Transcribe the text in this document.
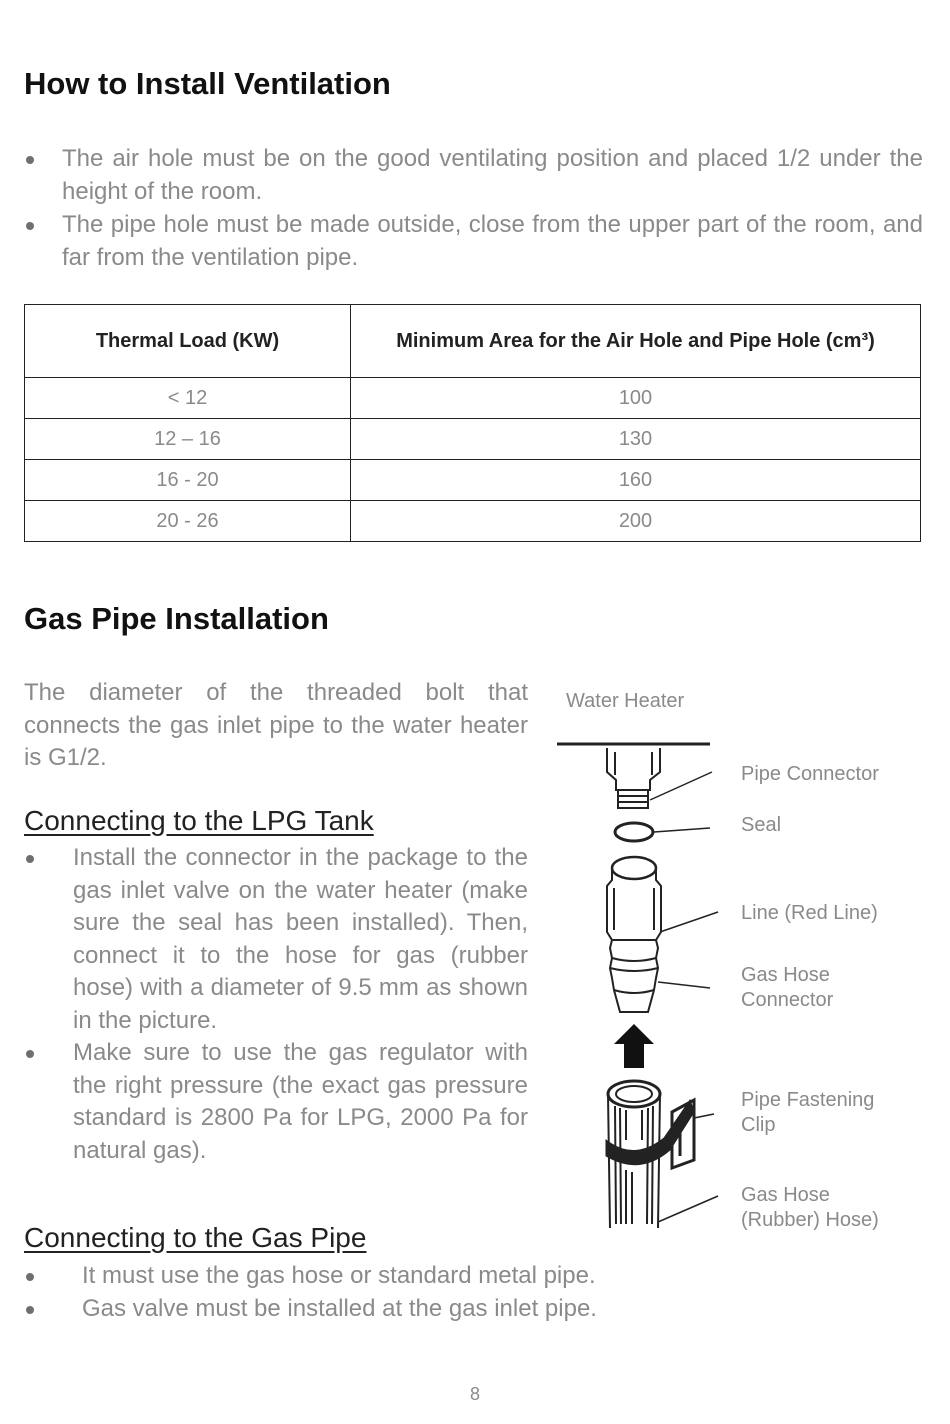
How to Install Ventilation
The air hole must be on the good ventilating position and placed 1/2 under the height of the room.
The pipe hole must be made outside, close from the upper part of the room, and far from the ventilation pipe.
Thermal Load (KW)	Minimum Area for the Air Hole and Pipe Hole (cm³)
< 12	100
12 – 16	130
16 - 20	160
20 - 26	200
Gas Pipe Installation

The diameter of the threaded bolt that connects the gas inlet pipe to the water heater is G1/2.

Connecting to the LPG Tank
Install the connector in the package to the gas inlet valve on the water heater (make sure the seal has been installed). Then, connect it to the hose for gas (rubber hose) with a diameter of 9.5 mm as shown in the picture.
Make sure to use the gas regulator with the right pressure (the exact gas pressure standard is 2800 Pa for LPG, 2000 Pa for natural gas).
Connecting to the Gas Pipe
It must use the gas hose or standard metal pipe.
Gas valve must be installed at the gas inlet pipe.
Water Heater
Pipe Connector
Seal
Line (Red Line)
Gas Hose
Connector
Pipe Fastening
Clip
Gas Hose
(Rubber) Hose)
8
